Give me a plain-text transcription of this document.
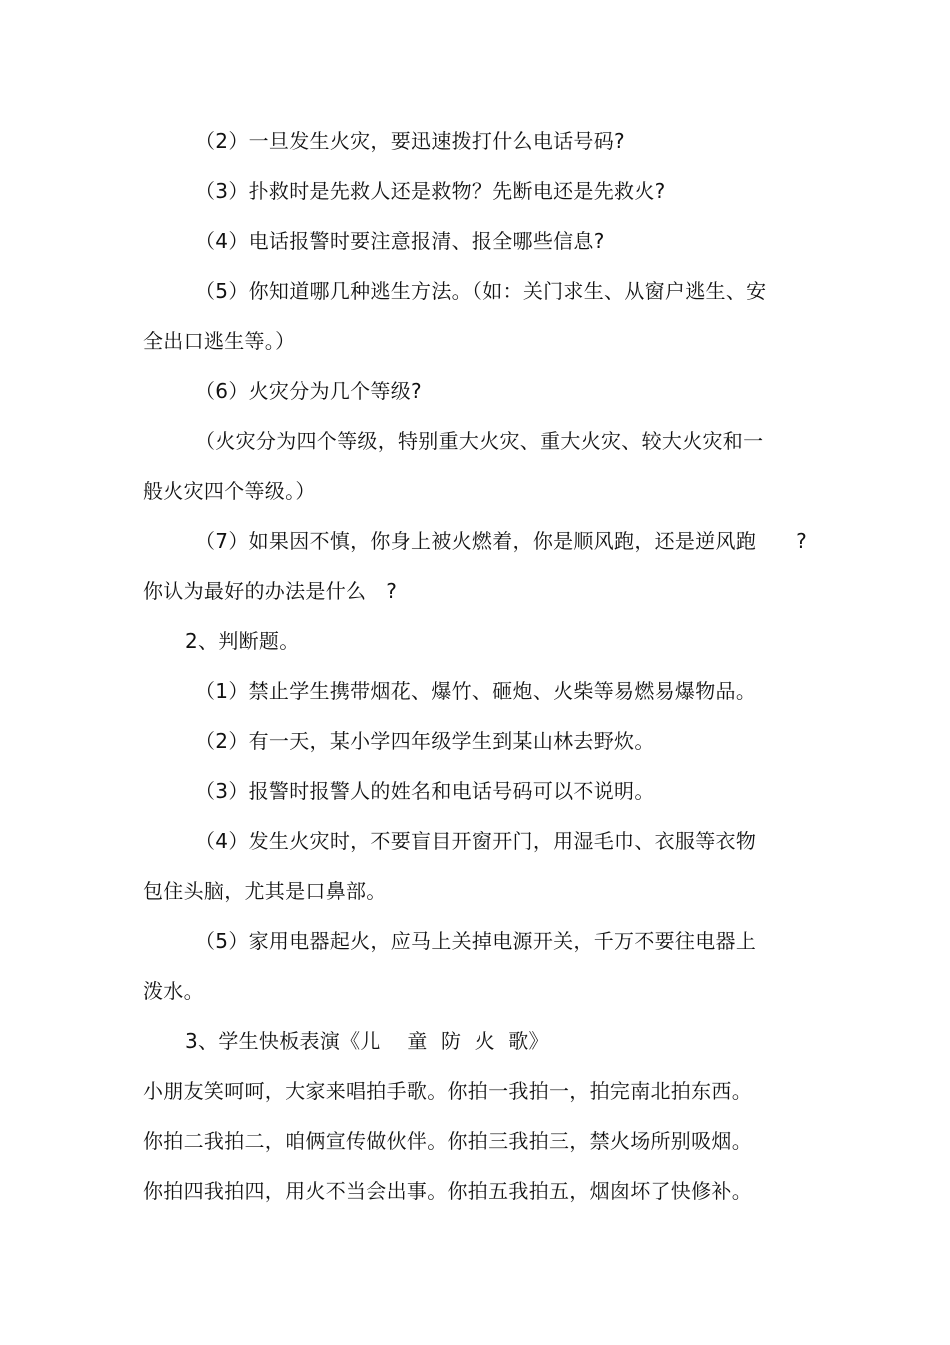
（2）一旦发生火灾，要迅速拨打什么电话号码?
（3）扑救时是先救人还是救物？先断电还是先救火?
（4）电话报警时要注意报清、报全哪些信息?
（5）你知道哪几种逃生方法。（如：关门求生、从窗户逃生、安
全出口逃生等。）
（6）火灾分为几个等级?
（火灾分为四个等级，特别重大火灾、重大火灾、较大火灾和一
般火灾四个等级。）
（7）如果因不慎，你身上被火燃着，你是顺风跑，还是逆风跑      ?
你认为最好的办法是什么   ?
2、判断题。
（1）禁止学生携带烟花、爆竹、砸炮、火柴等易燃易爆物品。
（2）有一天，某小学四年级学生到某山林去野炊。
（3）报警时报警人的姓名和电话号码可以不说明。
（4）发生火灾时，不要盲目开窗开门，用湿毛巾、衣服等衣物
包住头脑，尤其是口鼻部。
（5）家用电器起火，应马上关掉电源开关，千万不要往电器上
泼水。
3、学生快板表演《儿    童  防  火  歌》
小朋友笑呵呵，大家来唱拍手歌。你拍一我拍一，拍完南北拍东西。
你拍二我拍二，咱俩宣传做伙伴。你拍三我拍三，禁火场所别吸烟。
你拍四我拍四，用火不当会出事。你拍五我拍五，烟囱坏了快修补。
